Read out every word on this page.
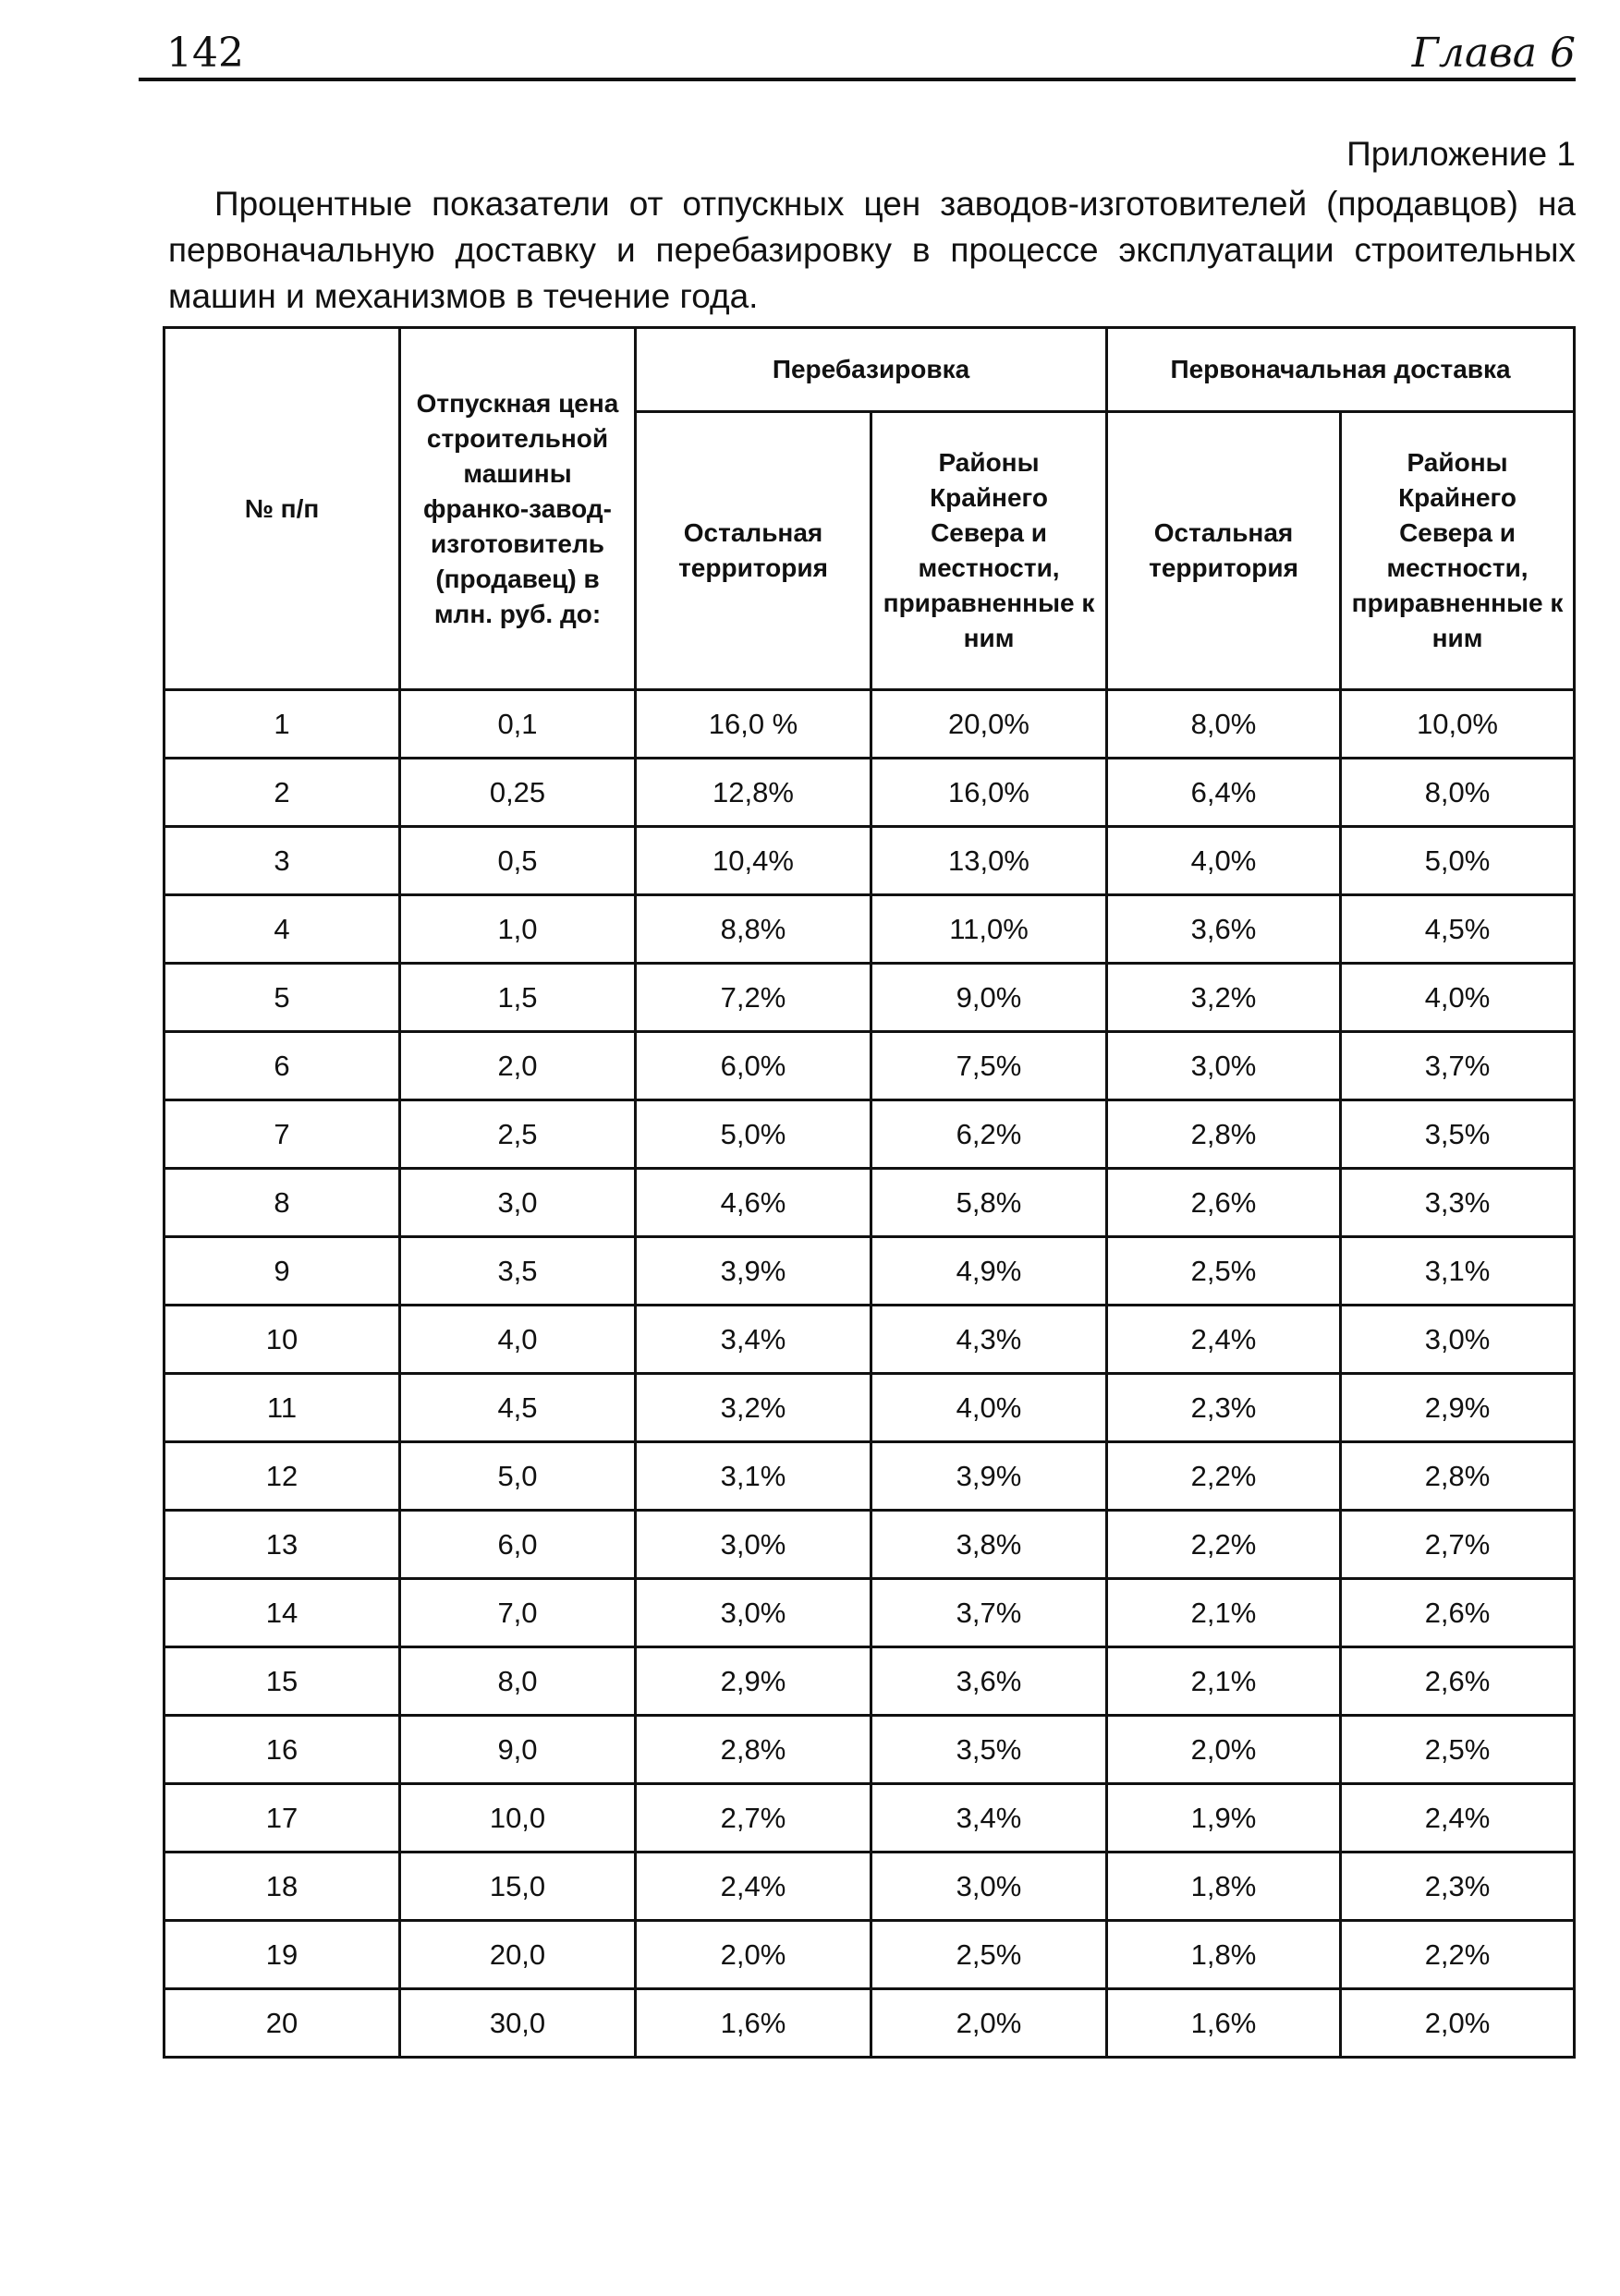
142	Глава 6
Приложение 1

Процентные показатели от отпускных цен заводов-изготовителей (продавцов) на первоначальную доставку и перебазировку в процессе эксплуатации строительных машин и механизмов в течение года.

№ п/п	Отпускная цена строительной машины франко-завод-изготовитель (продавец) в млн. руб. до:	Перебазировка		Первоначальная доставка	
		Остальная территория	Районы Крайнего Севера и местности, приравненные к ним	Остальная территория	Районы Крайнего Севера и местности, приравненные к ним

1	0,1	16,0 %	20,0%	8,0%	10,0%
2	0,25	12,8%	16,0%	6,4%	8,0%
3	0,5	10,4%	13,0%	4,0%	5,0%
4	1,0	8,8%	11,0%	3,6%	4,5%
5	1,5	7,2%	9,0%	3,2%	4,0%
6	2,0	6,0%	7,5%	3,0%	3,7%
7	2,5	5,0%	6,2%	2,8%	3,5%
8	3,0	4,6%	5,8%	2,6%	3,3%
9	3,5	3,9%	4,9%	2,5%	3,1%
10	4,0	3,4%	4,3%	2,4%	3,0%
11	4,5	3,2%	4,0%	2,3%	2,9%
12	5,0	3,1%	3,9%	2,2%	2,8%
13	6,0	3,0%	3,8%	2,2%	2,7%
14	7,0	3,0%	3,7%	2,1%	2,6%
15	8,0	2,9%	3,6%	2,1%	2,6%
16	9,0	2,8%	3,5%	2,0%	2,5%
17	10,0	2,7%	3,4%	1,9%	2,4%
18	15,0	2,4%	3,0%	1,8%	2,3%
19	20,0	2,0%	2,5%	1,8%	2,2%
20	30,0	1,6%	2,0%	1,6%	2,0%
